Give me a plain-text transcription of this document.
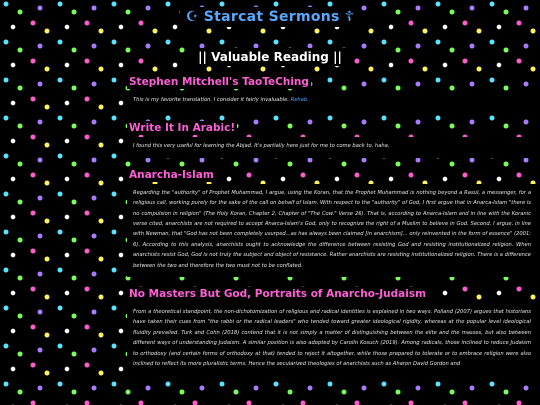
☪ Starcat Sermons ☦
|| Valuable Reading ||
Stephen Mitchell's TaoTeChing

This is my favorite translation. I consider it fairly invaluable. Rehab.

Write It In Arabic!

I found this very useful for learning the Abjad. It's partially here just for me to come back to, haha.

Anarcha-Islam

Regarding the "authority" of Prophet Muhammad, I argue, using the Koran, that the Prophet Muhammad is nothing beyond a Rasul, a messenger, for a religious call, working purely for the sake of the call on behalf of Islam. With respect to the "authority" of God, I first argue that in Anarca-Islam "there is no compulsion in religion" (The Holy Koran, Chapter 2, Chapter of "The Cow." Verse 26). That is, according to Anarca-Islam and in line with the Koranic verse cited, anarchists are not required to accept Anarca-Islam's God, only to recognize the right of a Muslim to believe in God. Second, I argue, in line with Newman, that "God has not been completely usurped...as has always been claimed [in anarchism]... only reinvented in the form of essence" (2001: 6). According to this analysis, anarchists ought to acknowledge the difference between resisting God and resisting institutionalized religion. When anarchists resist God, God is not truly the subject and object of resistance. Rather anarchists are resisting institutionalized religion. There is a difference between the two and therefore the two must not to be conflated.

No Masters But God, Portraits of Anarcho-Judaism

From a theoretical standpoint, the non-dichotomization of religious and radical identities is explained in two ways. Polland (2007) argues that historians have taken their cues from "the rabbi or the radical leaders" who tended toward greater ideological rigidity, whereas at the popular level ideological fluidity prevailed. Turk and Cohn (2018) contend that it is not simply a matter of distinguishing between the elite and the masses, but also between different ways of understanding Judaism. A similar position is also adopted by Carolin Kosuch (2019). Among radicals, those inclined to reduce Judaism to orthodoxy (and certain forms of orthodoxy at that) tended to reject it altogether, while those prepared to tolerate or to embrace religion were also inclined to reflect its more pluralistic terms. Hence the secularized theologies of anarchists such as Aharon David Gordon and
